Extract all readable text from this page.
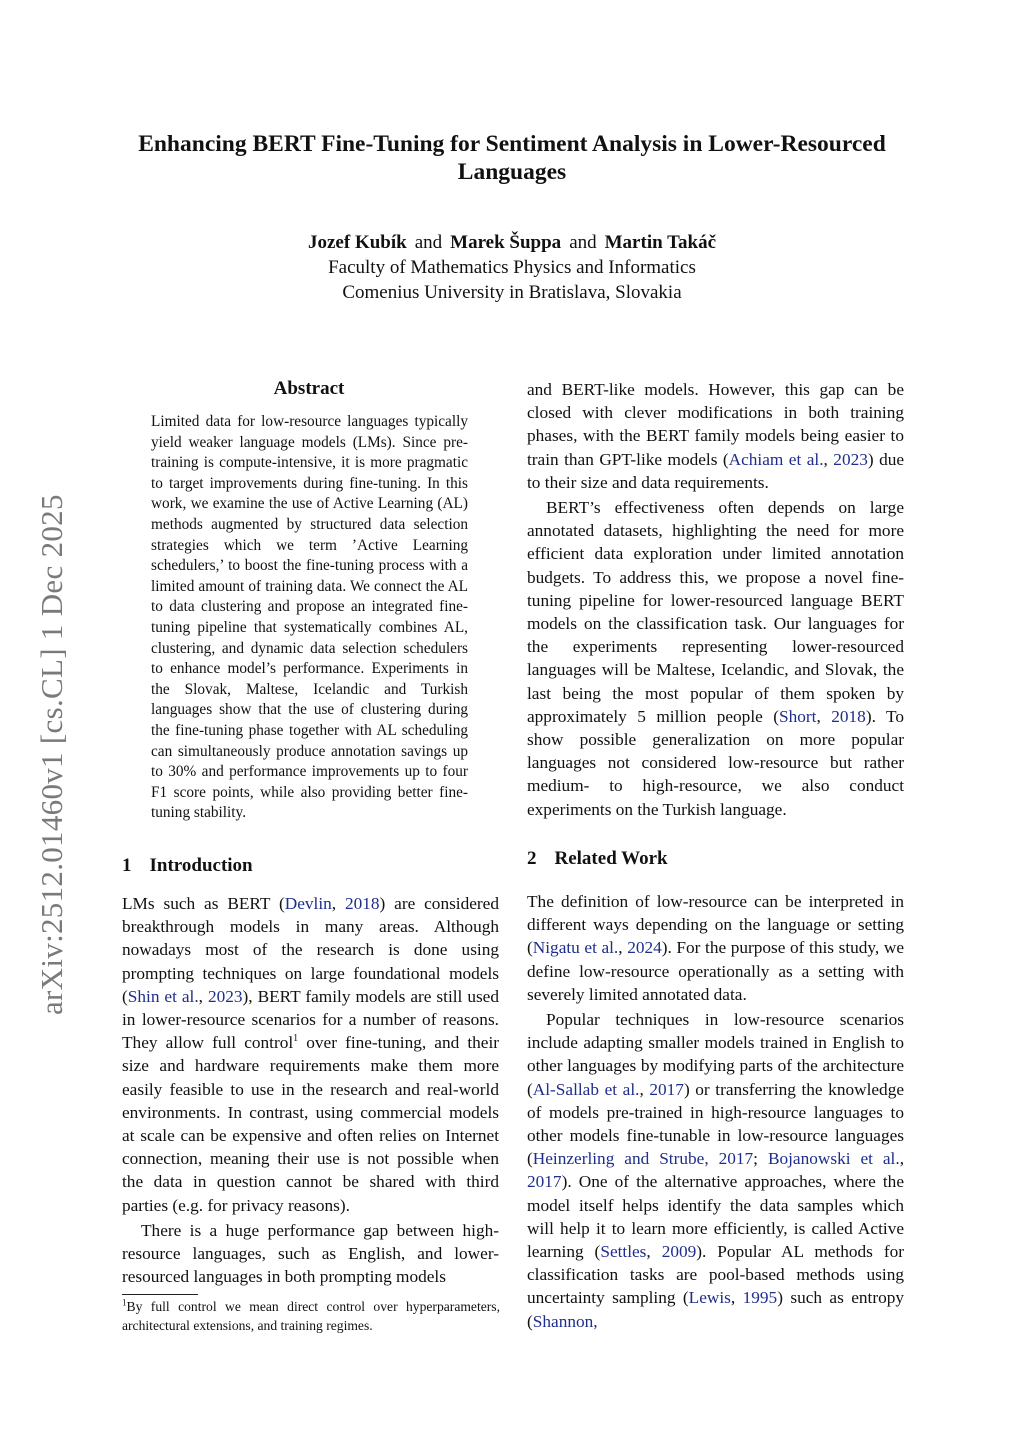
arXiv:2512.01460v1 [cs.CL] 1 Dec 2025
Enhancing BERT Fine-Tuning for Sentiment Analysis in Lower-Resourced Languages
Jozef Kubík and Marek Šuppa and Martin Takáč
Faculty of Mathematics Physics and Informatics
Comenius University in Bratislava, Slovakia
Abstract
Limited data for low-resource languages typically yield weaker language models (LMs). Since pre-training is compute-intensive, it is more pragmatic to target improvements during fine-tuning. In this work, we examine the use of Active Learning (AL) methods augmented by structured data selection strategies which we term ’Active Learning schedulers,’ to boost the fine-tuning process with a limited amount of training data. We connect the AL to data clustering and propose an integrated fine-tuning pipeline that systematically combines AL, clustering, and dynamic data selection schedulers to enhance model’s performance. Experiments in the Slovak, Maltese, Icelandic and Turkish languages show that the use of clustering during the fine-tuning phase together with AL scheduling can simultaneously produce annotation savings up to 30% and performance improvements up to four F1 score points, while also providing better fine-tuning stability.
1 Introduction

LMs such as BERT (Devlin, 2018) are considered breakthrough models in many areas. Although nowadays most of the research is done using prompting techniques on large foundational models (Shin et al., 2023), BERT family models are still used in lower-resource scenarios for a number of reasons. They allow full control$^1$ over fine-tuning, and their size and hardware requirements make them more easily feasible to use in the research and real-world environments. In contrast, using commercial models at scale can be expensive and often relies on Internet connection, meaning their use is not possible when the data in question cannot be shared with third parties (e.g. for privacy reasons).

There is a huge performance gap between high-resource languages, such as English, and lower-resourced languages in both prompting models

and BERT-like models. However, this gap can be closed with clever modifications in both training phases, with the BERT family models being easier to train than GPT-like models (Achiam et al., 2023) due to their size and data requirements.

BERT’s effectiveness often depends on large annotated datasets, highlighting the need for more efficient data exploration under limited annotation budgets. To address this, we propose a novel fine-tuning pipeline for lower-resourced language BERT models on the classification task. Our languages for the experiments representing lower-resourced languages will be Maltese, Icelandic, and Slovak, the last being the most popular of them spoken by approximately 5 million people (Short, 2018). To show possible generalization on more popular languages not considered low-resource but rather medium- to high-resource, we also conduct experiments on the Turkish language.

2 Related Work

The definition of low-resource can be interpreted in different ways depending on the language or setting (Nigatu et al., 2024). For the purpose of this study, we define low-resource operationally as a setting with severely limited annotated data.

Popular techniques in low-resource scenarios include adapting smaller models trained in English to other languages by modifying parts of the architecture (Al-Sallab et al., 2017) or transferring the knowledge of models pre-trained in high-resource languages to other models fine-tunable in low-resource languages (Heinzerling and Strube, 2017; Bojanowski et al., 2017). One of the alternative approaches, where the model itself helps identify the data samples which will help it to learn more efficiently, is called Active learning (Settles, 2009). Popular AL methods for classification tasks are pool-based methods using uncertainty sampling (Lewis, 1995) such as entropy (Shannon,

$^1$By full control we mean direct control over hyperparameters, architectural extensions, and training regimes.
